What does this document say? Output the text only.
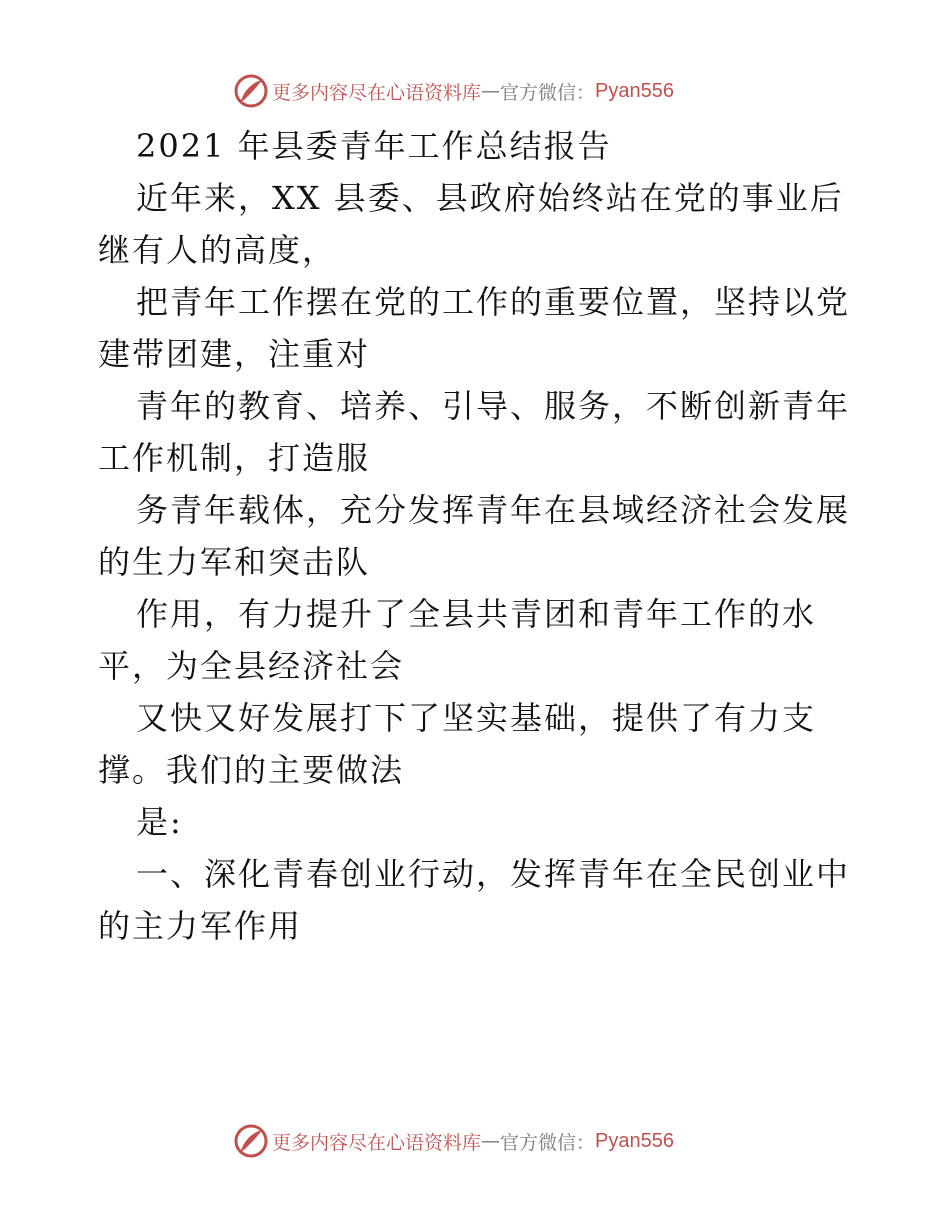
更多内容尽在心语资料库 — 官方微信： Pyan556
2021 年县委青年工作总结报告
近年来，XX 县委、县政府始终站在党的事业后
继有人的高度，
把青年工作摆在党的工作的重要位置，坚持以党
建带团建，注重对
青年的教育、培养、引导、服务，不断创新青年
工作机制，打造服
务青年载体，充分发挥青年在县域经济社会发展
的生力军和突击队
作用，有力提升了全县共青团和青年工作的水
平，为全县经济社会
又快又好发展打下了坚实基础，提供了有力支
撑。我们的主要做法
是:
一、深化青春创业行动，发挥青年在全民创业中
的主力军作用
更多内容尽在心语资料库 — 官方微信： Pyan556
